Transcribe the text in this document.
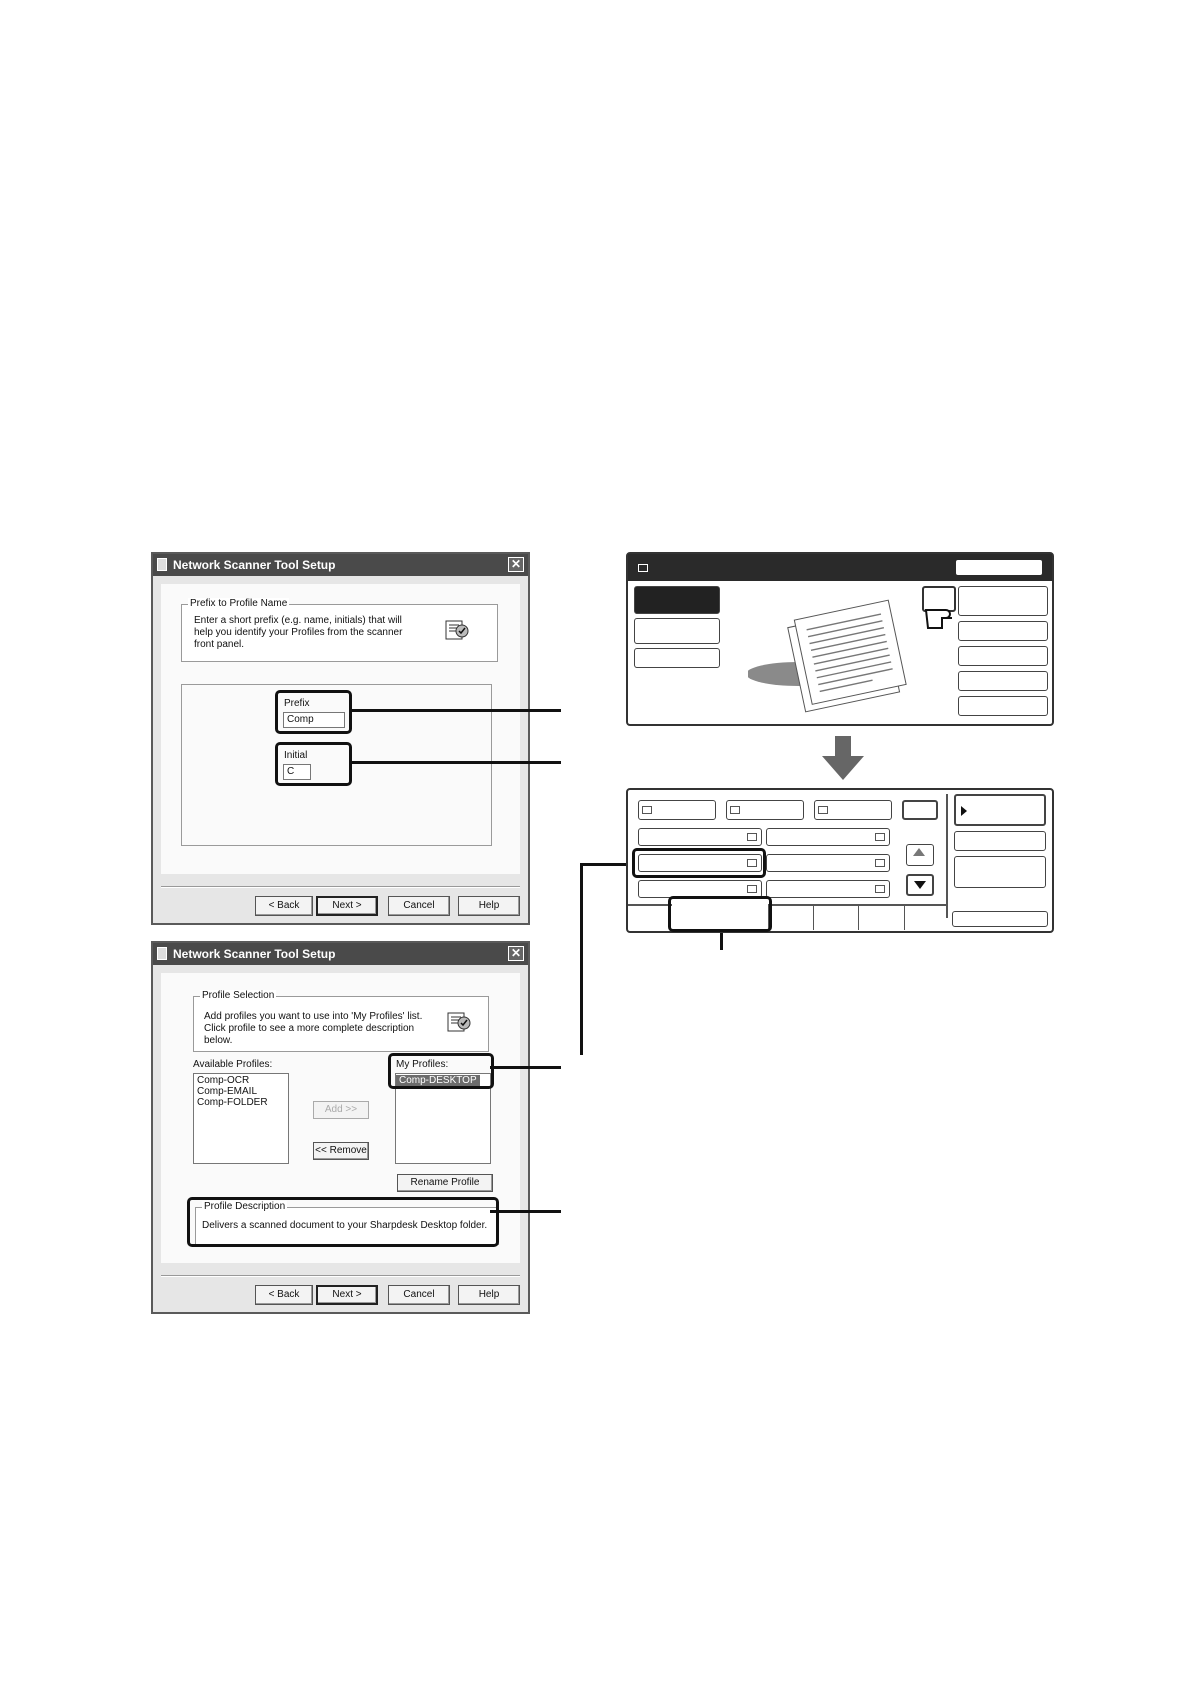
Network Scanner Tool Setup	✕
Prefix to Profile Name
Enter a short prefix (e.g. name, initials) that will help you identify your Profiles from the scanner front panel.
Prefix
Comp
Initial
C
< Back	Next >	Cancel	Help
Network Scanner Tool Setup	✕
Profile Selection
Add profiles you want to use into 'My Profiles' list. Click profile to see a more complete description below.
Available Profiles:
Comp-OCR
Comp-EMAIL
Comp-FOLDER
Add >>
<< Remove
My Profiles:
Comp-DESKTOP
Rename Profile
Profile Description
Delivers a scanned document to your Sharpdesk Desktop folder.
< Back	Next >	Cancel	Help
